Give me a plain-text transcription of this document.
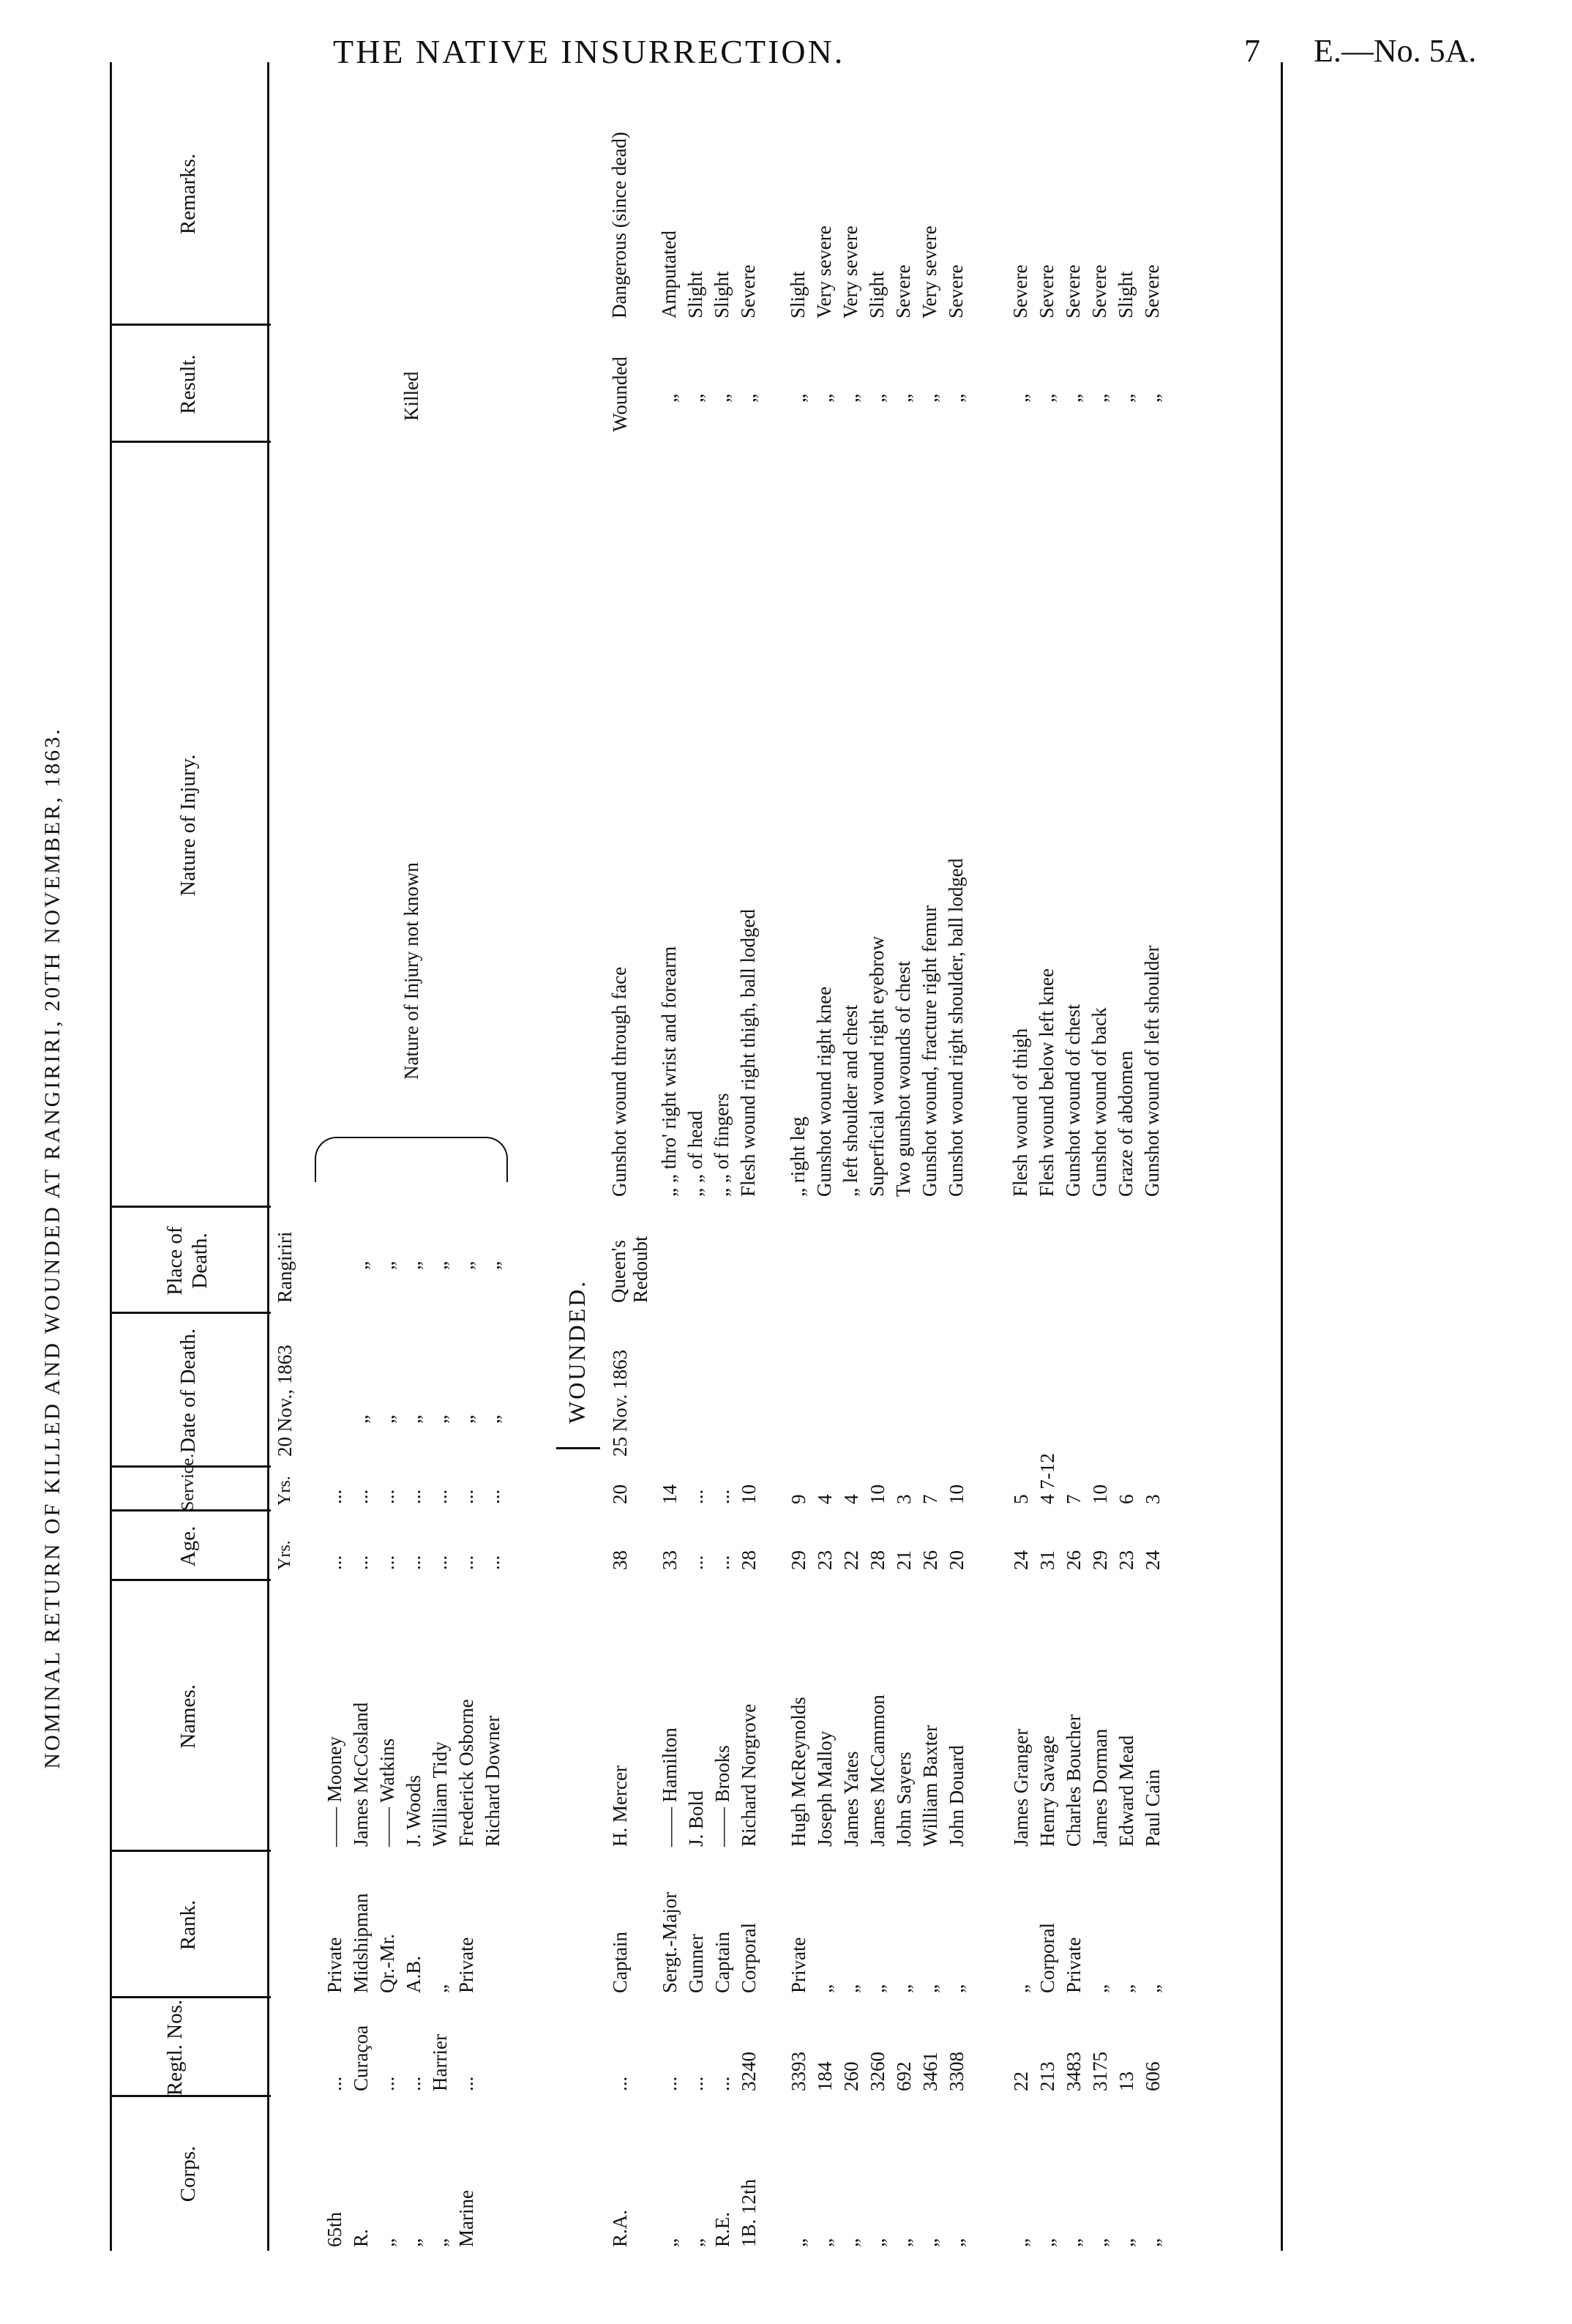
THE NATIVE INSURRECTION.	7 E.—No. 5A.
NOMINAL RETURN OF KILLED AND WOUNDED AT RANGIRIRI, 20TH NOVEMBER, 1863.
Corps.
Regtl. Nos.
Rank.
Names.
Age.
Service.
Date of Death.
Place of Death.
Nature of Injury.
Result.
Remarks.
Yrs.
Yrs.
20 Nov., 1863
Rangiriri
Nature of Injury not known
Killed
65th
...
Private
—— Mooney
...
...
R.
Curaçoa
Midshipman
James McCosland
...
...
„
„
„
...
Qr.-Mr.
—— Watkins
...
...
„
„
„
...
A.B.
J. Woods
...
...
„
„
„
Harrier
„
William Tidy
...
...
„
„
Marine
...
Private
Frederick Osborne
...
...
„
„
Richard Downer
...
...
„
„
WOUNDED. 25 Nov. 1863
Queen's Redoubt
R.A.
...
Captain
H. Mercer
38
20
Gunshot wound through face
Wounded
Dangerous (since dead)
„
...
Sergt.-Major
—— Hamilton
33
14
„ „ thro' right wrist and forearm
„
Amputated
„
...
Gunner
J. Bold
...
...
„ „ of head
„
Slight
R.E.
...
Captain
—— Brooks
...
...
„ „ of fingers
„
Slight
1B. 12th
3240
Corporal
Richard Norgrove
28
10
Flesh wound right thigh, ball lodged
„
Severe
„
3393
Private
Hugh McReynolds
29
9
„ right leg
„
Slight
„
184
„
Joseph Malloy
23
4
Gunshot wound right knee
„
Very severe
„
260
„
James Yates
22
4
„ left shoulder and chest
„
Very severe
„
3260
„
James McCammon
28
10
Superficial wound right eyebrow
„
Slight
„
692
„
John Sayers
21
3
Two gunshot wounds of chest
„
Severe
„
3461
„
William Baxter
26
7
Gunshot wound, fracture right femur
„
Very severe
„
3308
„
John Douard
20
10
Gunshot wound right shoulder, ball lodged
„
Severe
„
22
„
James Granger
24
5
Flesh wound of thigh
„
Severe
„
213
Corporal
Henry Savage
31
4 7-12
Flesh wound below left knee
„
Severe
„
3483
Private
Charles Boucher
26
7
Gunshot wound of chest
„
Severe
„
3175
„
James Dorman
29
10
Gunshot wound of back
„
Severe
„
13
„
Edward Mead
23
6
Graze of abdomen
„
Slight
„
606
„
Paul Cain
24
3
Gunshot wound of left shoulder
„
Severe
